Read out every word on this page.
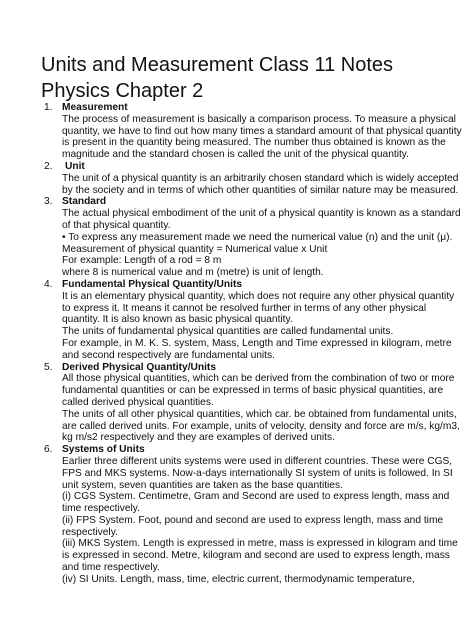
Units and Measurement Class 11 Notes Physics Chapter 2
1. Measurement
The process of measurement is basically a comparison process. To measure a physical quantity, we have to find out how many times a standard amount of that physical quantity is present in the quantity being measured. The number thus obtained is known as the magnitude and the standard chosen is called the unit of the physical quantity.
2. Unit
The unit of a physical quantity is an arbitrarily chosen standard which is widely accepted by the society and in terms of which other quantities of similar nature may be measured.
3. Standard
The actual physical embodiment of the unit of a physical quantity is known as a standard of that physical quantity.
• To express any measurement made we need the numerical value (n) and the unit (μ). Measurement of physical quantity = Numerical value x Unit
For example: Length of a rod = 8 m
where 8 is numerical value and m (metre) is unit of length.
4. Fundamental Physical Quantity/Units
It is an elementary physical quantity, which does not require any other physical quantity to express it. It means it cannot be resolved further in terms of any other physical quantity. It is also known as basic physical quantity.
The units of fundamental physical quantities are called fundamental units.
For example, in M. K. S. system, Mass, Length and Time expressed in kilogram, metre and second respectively are fundamental units.
5. Derived Physical Quantity/Units
All those physical quantities, which can be derived from the combination of two or more fundamental quantities or can be expressed in terms of basic physical quantities, are called derived physical quantities.
The units of all other physical quantities, which car. be obtained from fundamental units, are called derived units. For example, units of velocity, density and force are m/s, kg/m3, kg m/s2 respectively and they are examples of derived units.
6. Systems of Units
Earlier three different units systems were used in different countries. These were CGS, FPS and MKS systems. Now-a-days internationally SI system of units is followed. In SI unit system, seven quantities are taken as the base quantities.
(i) CGS System. Centimetre, Gram and Second are used to express length, mass and time respectively.
(ii) FPS System. Foot, pound and second are used to express length, mass and time respectively.
(iii) MKS System. Length is expressed in metre, mass is expressed in kilogram and time is expressed in second. Metre, kilogram and second are used to express length, mass and time respectively.
(iv) SI Units. Length, mass, time, electric current, thermodynamic temperature,
